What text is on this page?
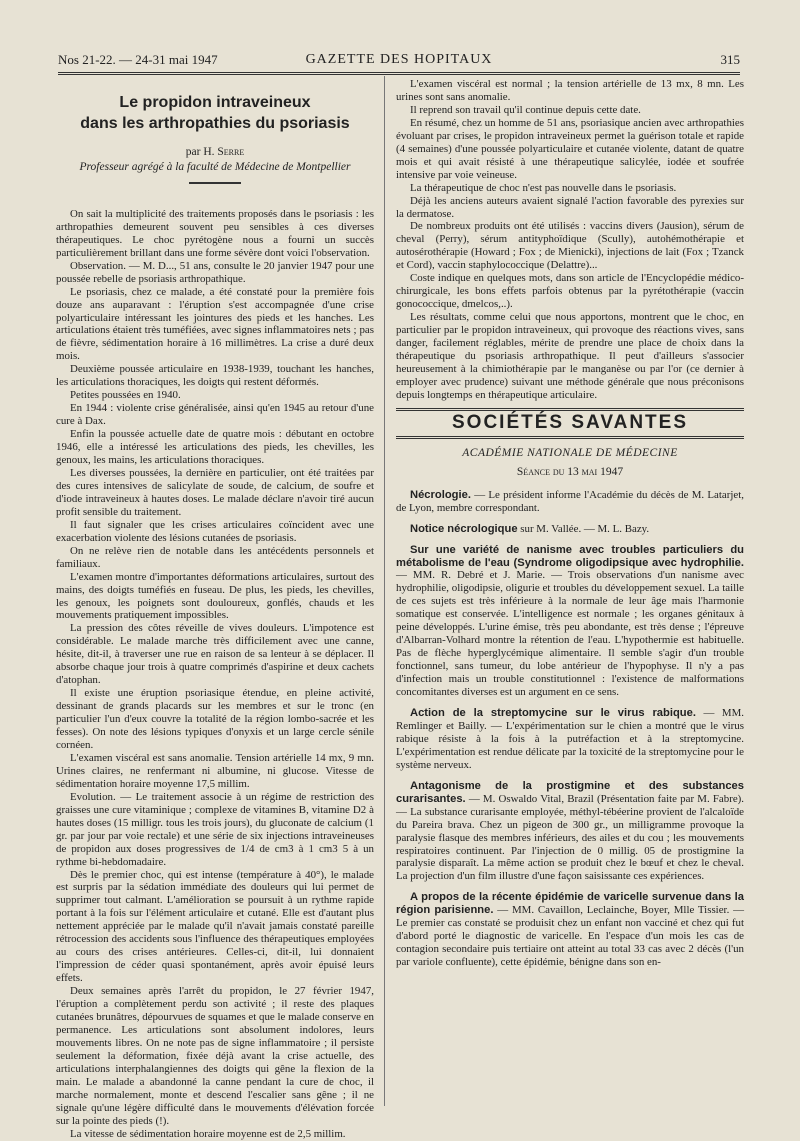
Nos 21-22. — 24-31 mai 1947	GAZETTE DES HOPITAUX	315
Le propidon intraveineux
dans les arthropathies du psoriasis
par H. Serre
Professeur agrégé à la faculté de Médecine de Montpellier

On sait la multiplicité des traitements proposés dans le psoriasis : les arthropathies demeurent souvent peu sensibles à ces diverses thérapeutiques. Le choc pyrétogène nous a fourni un succès particulièrement brillant dans une forme sévère dont voici l'observation.

Observation. — M. D..., 51 ans, consulte le 20 janvier 1947 pour une poussée rebelle de psoriasis arthropathique.

Le psoriasis, chez ce malade, a été constaté pour la première fois douze ans auparavant : l'éruption s'est accompagnée d'une crise polyarticulaire intéressant les jointures des pieds et les hanches. Les articulations étaient très tuméfiées, avec signes inflammatoires nets ; pas de fièvre, sédimentation horaire à 16 millimètres. La crise a duré deux mois.

Deuxième poussée articulaire en 1938-1939, touchant les hanches, les articulations thoraciques, les doigts qui restent déformés.

Petites poussées en 1940.

En 1944 : violente crise généralisée, ainsi qu'en 1945 au retour d'une cure à Dax.

Enfin la poussée actuelle date de quatre mois : débutant en octobre 1946, elle a intéressé les articulations des pieds, les chevilles, les genoux, les mains, les articulations thoraciques.

Les diverses poussées, la dernière en particulier, ont été traitées par des cures intensives de salicylate de soude, de calcium, de soufre et d'iode intraveineux à hautes doses. Le malade déclare n'avoir tiré aucun profit sensible du traitement.

Il faut signaler que les crises articulaires coïncident avec une exacerbation violente des lésions cutanées de psoriasis.

On ne relève rien de notable dans les antécédents personnels et familiaux.

L'examen montre d'importantes déformations articulaires, surtout des mains, des doigts tuméfiés en fuseau. De plus, les pieds, les chevilles, les genoux, les poignets sont douloureux, gonflés, chauds et les mouvements pratiquement impossibles.

La pression des côtes réveille de vives douleurs. L'impotence est considérable. Le malade marche très difficilement avec une canne, hésite, dit-il, à traverser une rue en raison de sa lenteur à se déplacer. Il absorbe chaque jour trois à quatre comprimés d'aspirine et deux cachets d'atophan.

Il existe une éruption psoriasique étendue, en pleine activité, dessinant de grands placards sur les membres et sur le tronc (en particulier l'un d'eux couvre la totalité de la région lombo-sacrée et les fesses). On note des lésions typiques d'onyxis et un large cercle sénile cornéen.

L'examen viscéral est sans anomalie. Tension artérielle 14 mx, 9 mn. Urines claires, ne renfermant ni albumine, ni glucose. Vitesse de sédimentation horaire moyenne 17,5 millim.

Evolution. — Le traitement associe à un régime de restriction des graisses une cure vitaminique ; complexe de vitamines B, vitamine D2 à hautes doses (15 milligr. tous les trois jours), du gluconate de calcium (1 gr. par jour par voie rectale) et une série de six injections intraveineuses de propidon aux doses progressives de 1/4 de cm3 à 1 cm3 5 à un rythme bi-hebdomadaire.

Dès le premier choc, qui est intense (température à 40°), le malade est surpris par la sédation immédiate des douleurs qui lui permet de supprimer tout calmant. L'amélioration se poursuit à un rythme rapide portant à la fois sur l'élément articulaire et cutané. Elle est d'autant plus nettement appréciée par le malade qu'il n'avait jamais constaté pareille rétrocession des accidents sous l'influence des thérapeutiques employées au cours des crises antérieures. Celles-ci, dit-il, lui donnaient l'impression de céder quasi spontanément, après avoir épuisé leurs effets.

Deux semaines après l'arrêt du propidon, le 27 février 1947, l'éruption a complètement perdu son activité ; il reste des plaques cutanées brunâtres, dépourvues de squames et que le malade conserve en permanence. Les articulations sont absolument indolores, leurs mouvements libres. On ne note pas de signe inflammatoire ; il persiste seulement la déformation, fixée déjà avant la crise actuelle, des articulations interphalangiennes des doigts qui gêne la flexion de la main. Le malade a abandonné la canne pendant la cure de choc, il marche normalement, monte et descend l'escalier sans gêne ; il ne signale qu'une légère difficulté dans le mouvements d'élévation forcée sur la pointe des pieds (!).

La vitesse de sédimentation horaire moyenne est de 2,5 millim.

L'examen viscéral est normal ; la tension artérielle de 13 mx, 8 mn. Les urines sont sans anomalie.

Il reprend son travail qu'il continue depuis cette date.

En résumé, chez un homme de 51 ans, psoriasique ancien avec arthropathies évoluant par crises, le propidon intraveineux permet la guérison totale et rapide (4 semaines) d'une poussée polyarticulaire et cutanée violente, datant de quatre mois et qui avait résisté à une thérapeutique salicylée, iodée et soufrée intensive par voie veineuse.

La thérapeutique de choc n'est pas nouvelle dans le psoriasis.

Déjà les anciens auteurs avaient signalé l'action favorable des pyrexies sur la dermatose.

De nombreux produits ont été utilisés : vaccins divers (Jausion), sérum de cheval (Perry), sérum antityphoïdique (Scully), autohémothérapie et autosérothérapie (Howard ; Fox ; de Mienicki), injections de lait (Fox ; Tzanck et Cord), vaccin staphylococcique (Delattre)...

Coste indique en quelques mots, dans son article de l'Encyclopédie médico-chirurgicale, les bons effets parfois obtenus par la pyrétothérapie (vaccin gonococcique, dmelcos,..).

Les résultats, comme celui que nous apportons, montrent que le choc, en particulier par le propidon intraveineux, qui provoque des réactions vives, sans danger, facilement réglables, mérite de prendre une place de choix dans la thérapeutique du psoriasis arthropathique. Il peut d'ailleurs s'associer heureusement à la chimiothérapie par le manganèse ou par l'or (ce dernier à employer avec prudence) suivant une méthode générale que nous préconisons depuis longtemps en thérapeutique articulaire.

SOCIÉTÉS SAVANTES
ACADÉMIE NATIONALE DE MÉDECINE
Séance du 13 mai 1947

Nécrologie. — Le président informe l'Académie du décès de M. Latarjet, de Lyon, membre correspondant.

Notice nécrologique sur M. Vallée. — M. L. Bazy.

Sur une variété de nanisme avec troubles particuliers du métabolisme de l'eau (Syndrome oligodipsique avec hydrophilie. — MM. R. Debré et J. Marie. — Trois observations d'un nanisme avec hydrophilie, oligodipsie, oligurie et troubles du développement sexuel. La taille de ces sujets est très inférieure à la normale de leur âge mais l'harmonie somatique est conservée. L'intelligence est normale ; les organes génitaux à peine développés. L'urine émise, très peu abondante, est très dense ; l'épreuve d'Albarran-Volhard montre la rétention de l'eau. L'hypothermie est habituelle. Pas de flèche hyperglycémique alimentaire. Il semble s'agir d'un trouble fonctionnel, sans tumeur, du lobe antérieur de l'hypophyse. Il n'y a pas d'infection mais un trouble constitutionnel : l'existence de malformations concomitantes diverses est un argument en ce sens.

Action de la streptomycine sur le virus rabique. — MM. Remlinger et Bailly. — L'expérimentation sur le chien a montré que le virus rabique résiste à la fois à la putréfaction et à la streptomycine. L'expérimentation est rendue délicate par la toxicité de la streptomycine pour le système nerveux.

Antagonisme de la prostigmine et des substances curarisantes. — M. Oswaldo Vital, Brazil (Présentation faite par M. Fabre). — La substance curarisante employée, méthyl-tébéerine provient de l'alcaloïde du Pareira brava. Chez un pigeon de 300 gr., un milligramme provoque la paralysie flasque des membres inférieurs, des ailes et du cou ; les mouvements respiratoires continuent. Par l'injection de 0 millig. 05 de prostigmine la paralysie disparaît. La même action se produit chez le bœuf et chez le cheval. La projection d'un film illustre d'une façon saisissante ces expériences.

A propos de la récente épidémie de varicelle survenue dans la région parisienne. — MM. Cavaillon, Leclainche, Boyer, Mlle Tissier. — Le premier cas constaté se produisit chez un enfant non vacciné et chez qui fut d'abord porté le diagnostic de varicelle. En l'espace d'un mois les cas de contagion secondaire puis tertiaire ont atteint au total 33 cas avec 2 décès (l'un par variole confluente), cette épidémie, bénigne dans son en-
